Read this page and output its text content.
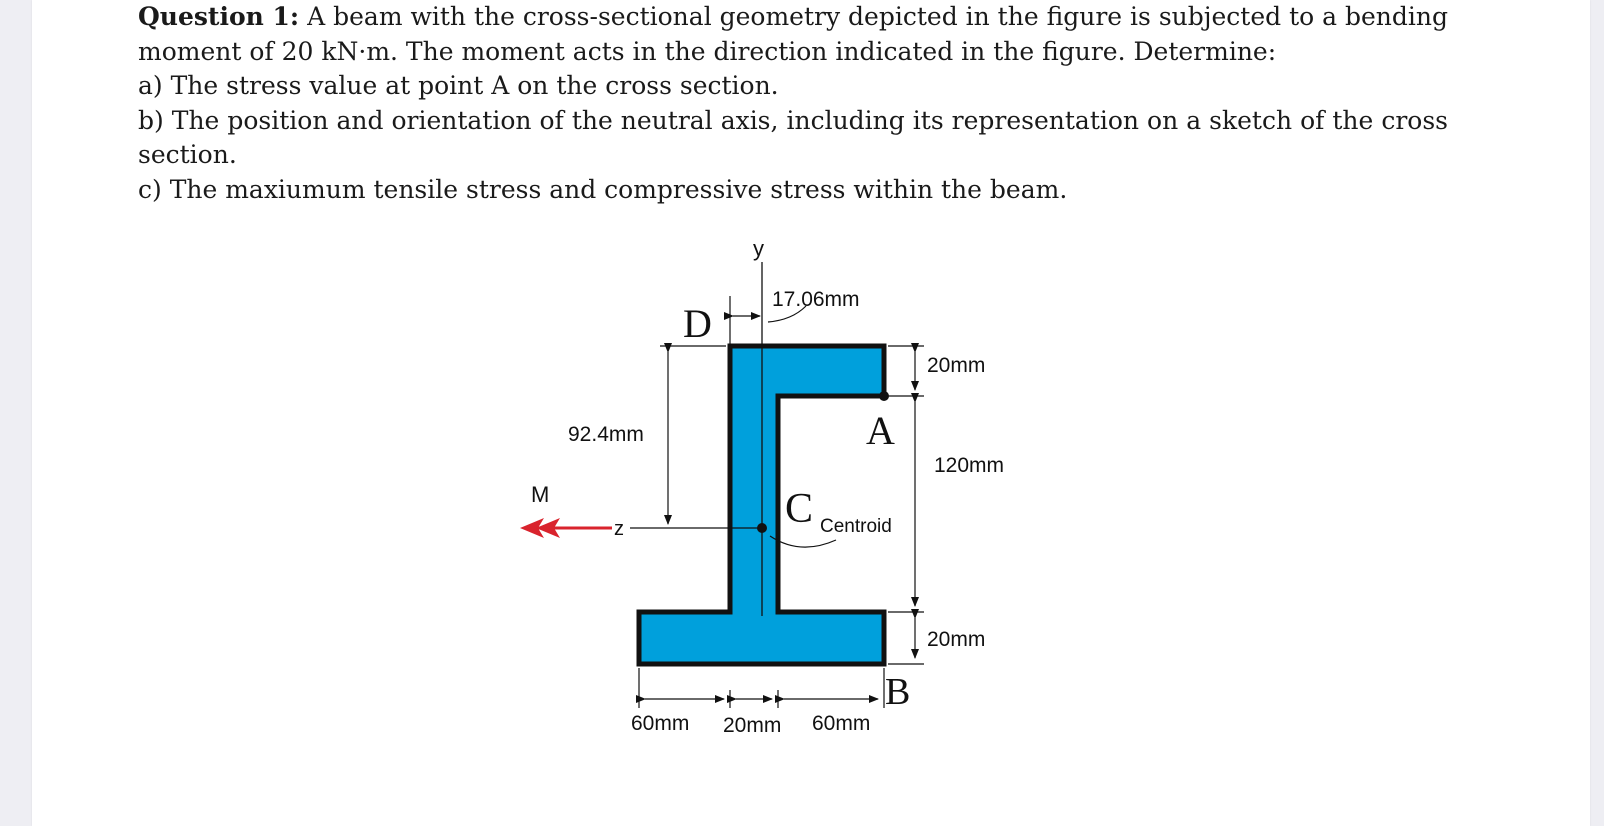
Question 1: A beam with the cross-sectional geometry depicted in the figure is subjected to a bending moment of 20 kN·m. The moment acts in the direction indicated in the figure. Determine:

a) The stress value at point A on the cross section.

b) The position and orientation of the neutral axis, including its representation on a sketch of the cross section.

c) The maxiumum tensile stress and compressive stress within the beam.

y
z	C Centroid
M
D
17.06mm
92.4mm
20mm
120mm
20mm
A
60mm 20mm 60mm
B
